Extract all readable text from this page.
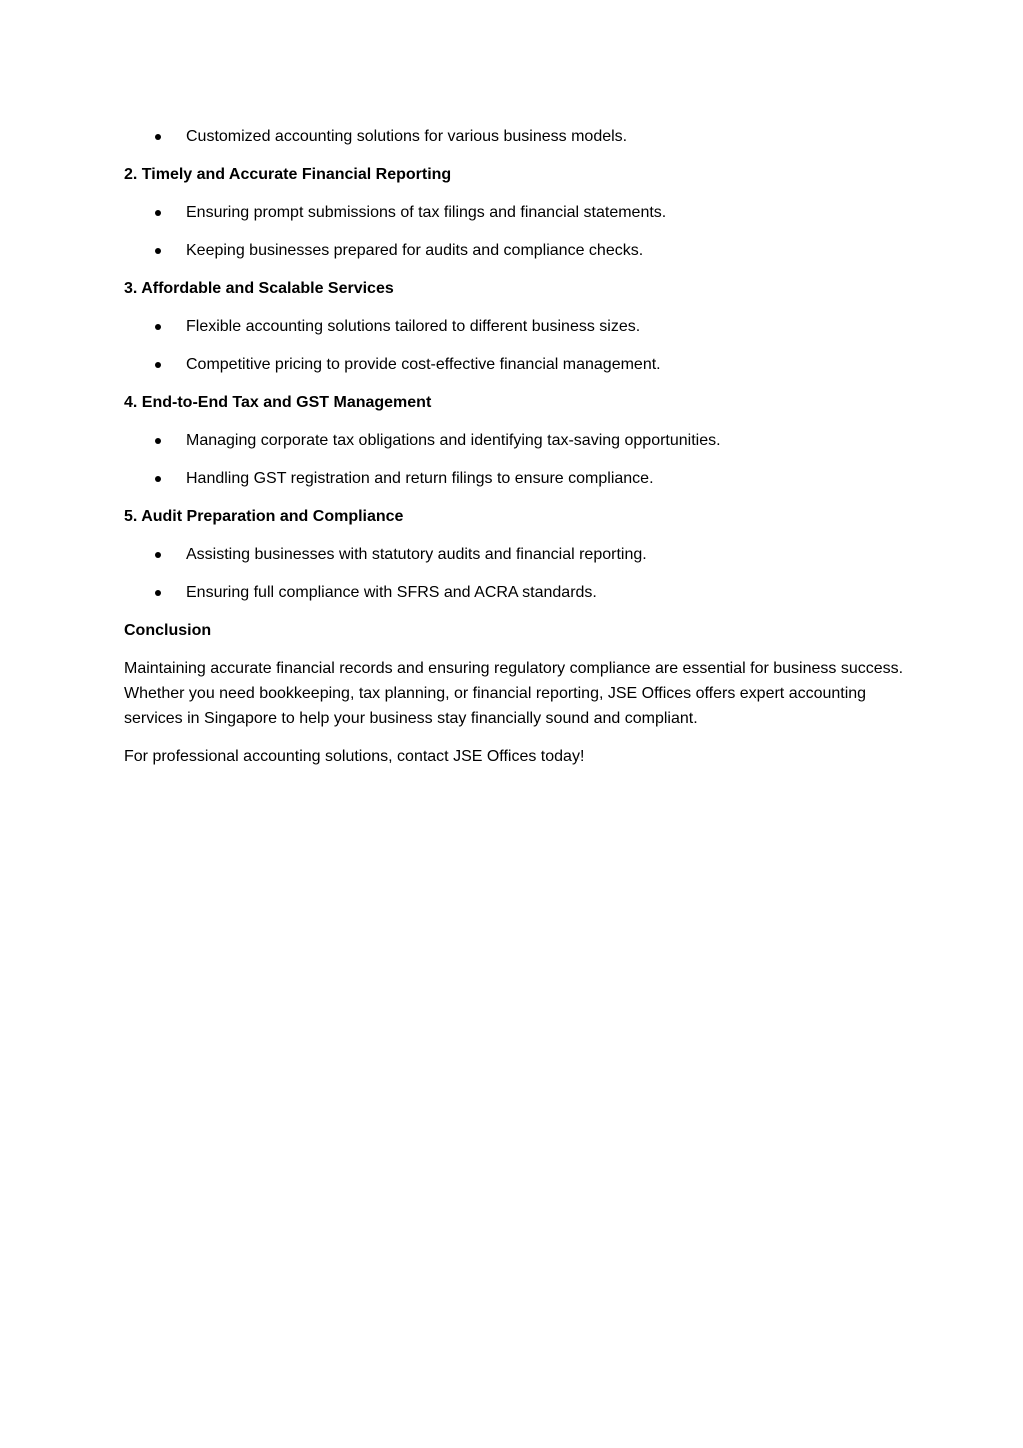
Customized accounting solutions for various business models.
2. Timely and Accurate Financial Reporting
Ensuring prompt submissions of tax filings and financial statements.
Keeping businesses prepared for audits and compliance checks.
3. Affordable and Scalable Services
Flexible accounting solutions tailored to different business sizes.
Competitive pricing to provide cost-effective financial management.
4. End-to-End Tax and GST Management
Managing corporate tax obligations and identifying tax-saving opportunities.
Handling GST registration and return filings to ensure compliance.
5. Audit Preparation and Compliance
Assisting businesses with statutory audits and financial reporting.
Ensuring full compliance with SFRS and ACRA standards.
Conclusion

Maintaining accurate financial records and ensuring regulatory compliance are essential for business success. Whether you need bookkeeping, tax planning, or financial reporting, JSE Offices offers expert accounting services in Singapore to help your business stay financially sound and compliant.

For professional accounting solutions, contact JSE Offices today!
